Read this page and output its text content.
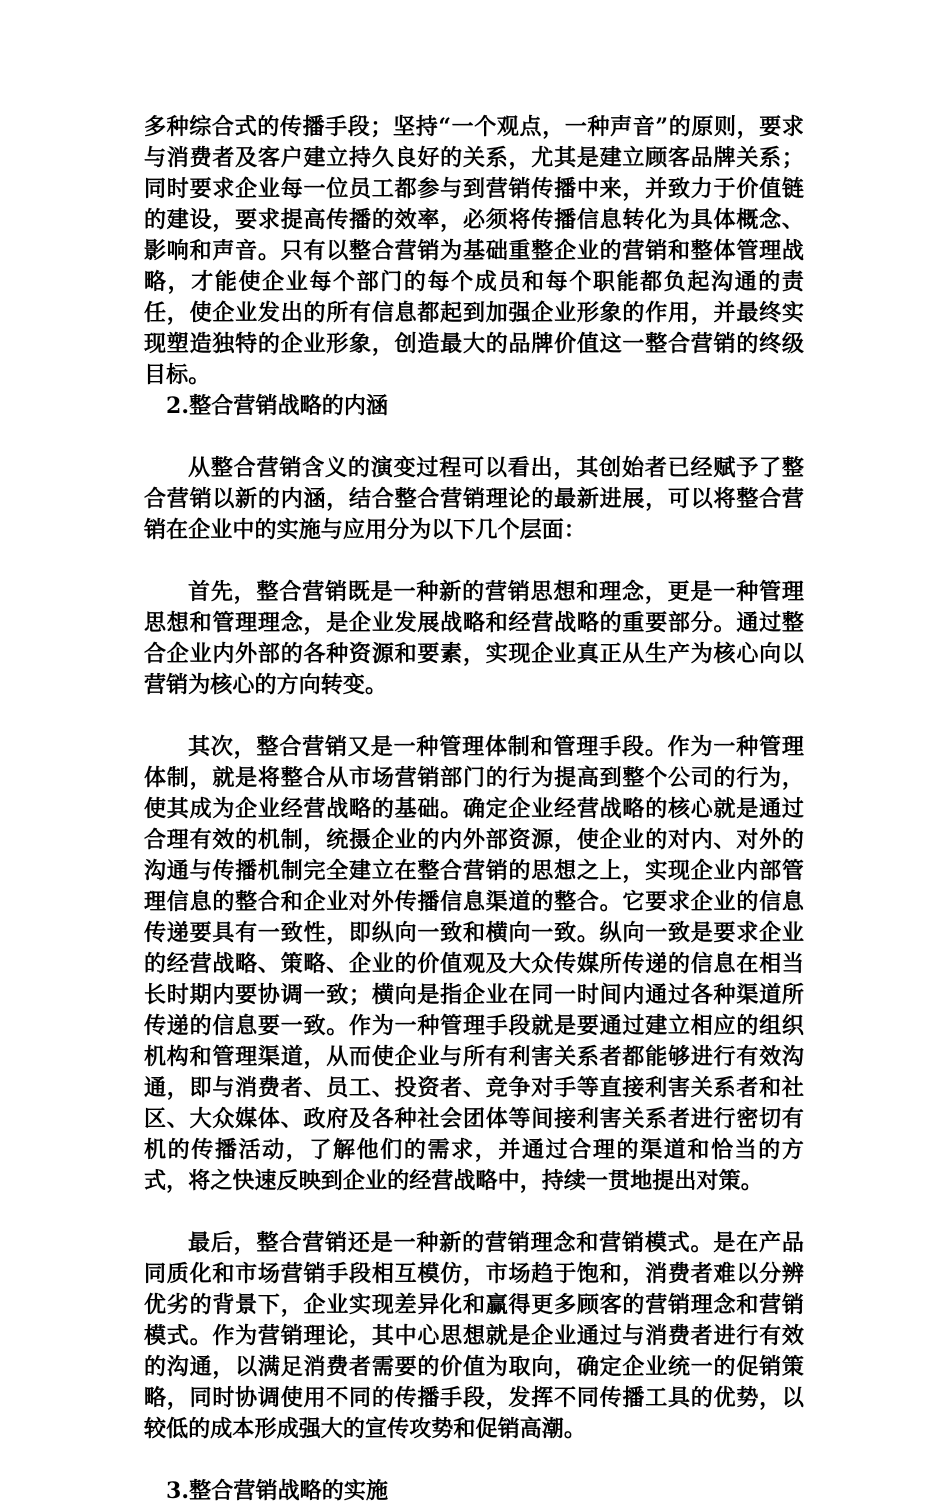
多种综合式的传播手段；坚持“一个观点，一种声音”的原则，要求与消费者及客户建立持久良好的关系，尤其是建立顾客品牌关系；同时要求企业每一位员工都参与到营销传播中来，并致力于价值链的建设，要求提高传播的效率，必须将传播信息转化为具体概念、影响和声音。只有以整合营销为基础重整企业的营销和整体管理战略，才能使企业每个部门的每个成员和每个职能都负起沟通的责任，使企业发出的所有信息都起到加强企业形象的作用，并最终实现塑造独特的企业形象，创造最大的品牌价值这一整合营销的终级目标。

2.整合营销战略的内涵

从整合营销含义的演变过程可以看出，其创始者已经赋予了整合营销以新的内涵，结合整合营销理论的最新进展，可以将整合营销在企业中的实施与应用分为以下几个层面：

首先，整合营销既是一种新的营销思想和理念，更是一种管理思想和管理理念，是企业发展战略和经营战略的重要部分。通过整合企业内外部的各种资源和要素，实现企业真正从生产为核心向以营销为核心的方向转变。

其次，整合营销又是一种管理体制和管理手段。作为一种管理体制，就是将整合从市场营销部门的行为提高到整个公司的行为，使其成为企业经营战略的基础。确定企业经营战略的核心就是通过合理有效的机制，统摄企业的内外部资源，使企业的对内、对外的沟通与传播机制完全建立在整合营销的思想之上，实现企业内部管理信息的整合和企业对外传播信息渠道的整合。它要求企业的信息传递要具有一致性，即纵向一致和横向一致。纵向一致是要求企业的经营战略、策略、企业的价值观及大众传媒所传递的信息在相当长时期内要协调一致；横向是指企业在同一时间内通过各种渠道所传递的信息要一致。作为一种管理手段就是要通过建立相应的组织机构和管理渠道，从而使企业与所有利害关系者都能够进行有效沟通，即与消费者、员工、投资者、竞争对手等直接利害关系者和社区、大众媒体、政府及各种社会团体等间接利害关系者进行密切有机的传播活动，了解他们的需求，并通过合理的渠道和恰当的方式，将之快速反映到企业的经营战略中，持续一贯地提出对策。

最后，整合营销还是一种新的营销理念和营销模式。是在产品同质化和市场营销手段相互模仿，市场趋于饱和，消费者难以分辨优劣的背景下，企业实现差异化和赢得更多顾客的营销理念和营销模式。作为营销理论，其中心思想就是企业通过与消费者进行有效的沟通，以满足消费者需要的价值为取向，确定企业统一的促销策略，同时协调使用不同的传播手段，发挥不同传播工具的优势，以较低的成本形成强大的宣传攻势和促销高潮。

3.整合营销战略的实施
